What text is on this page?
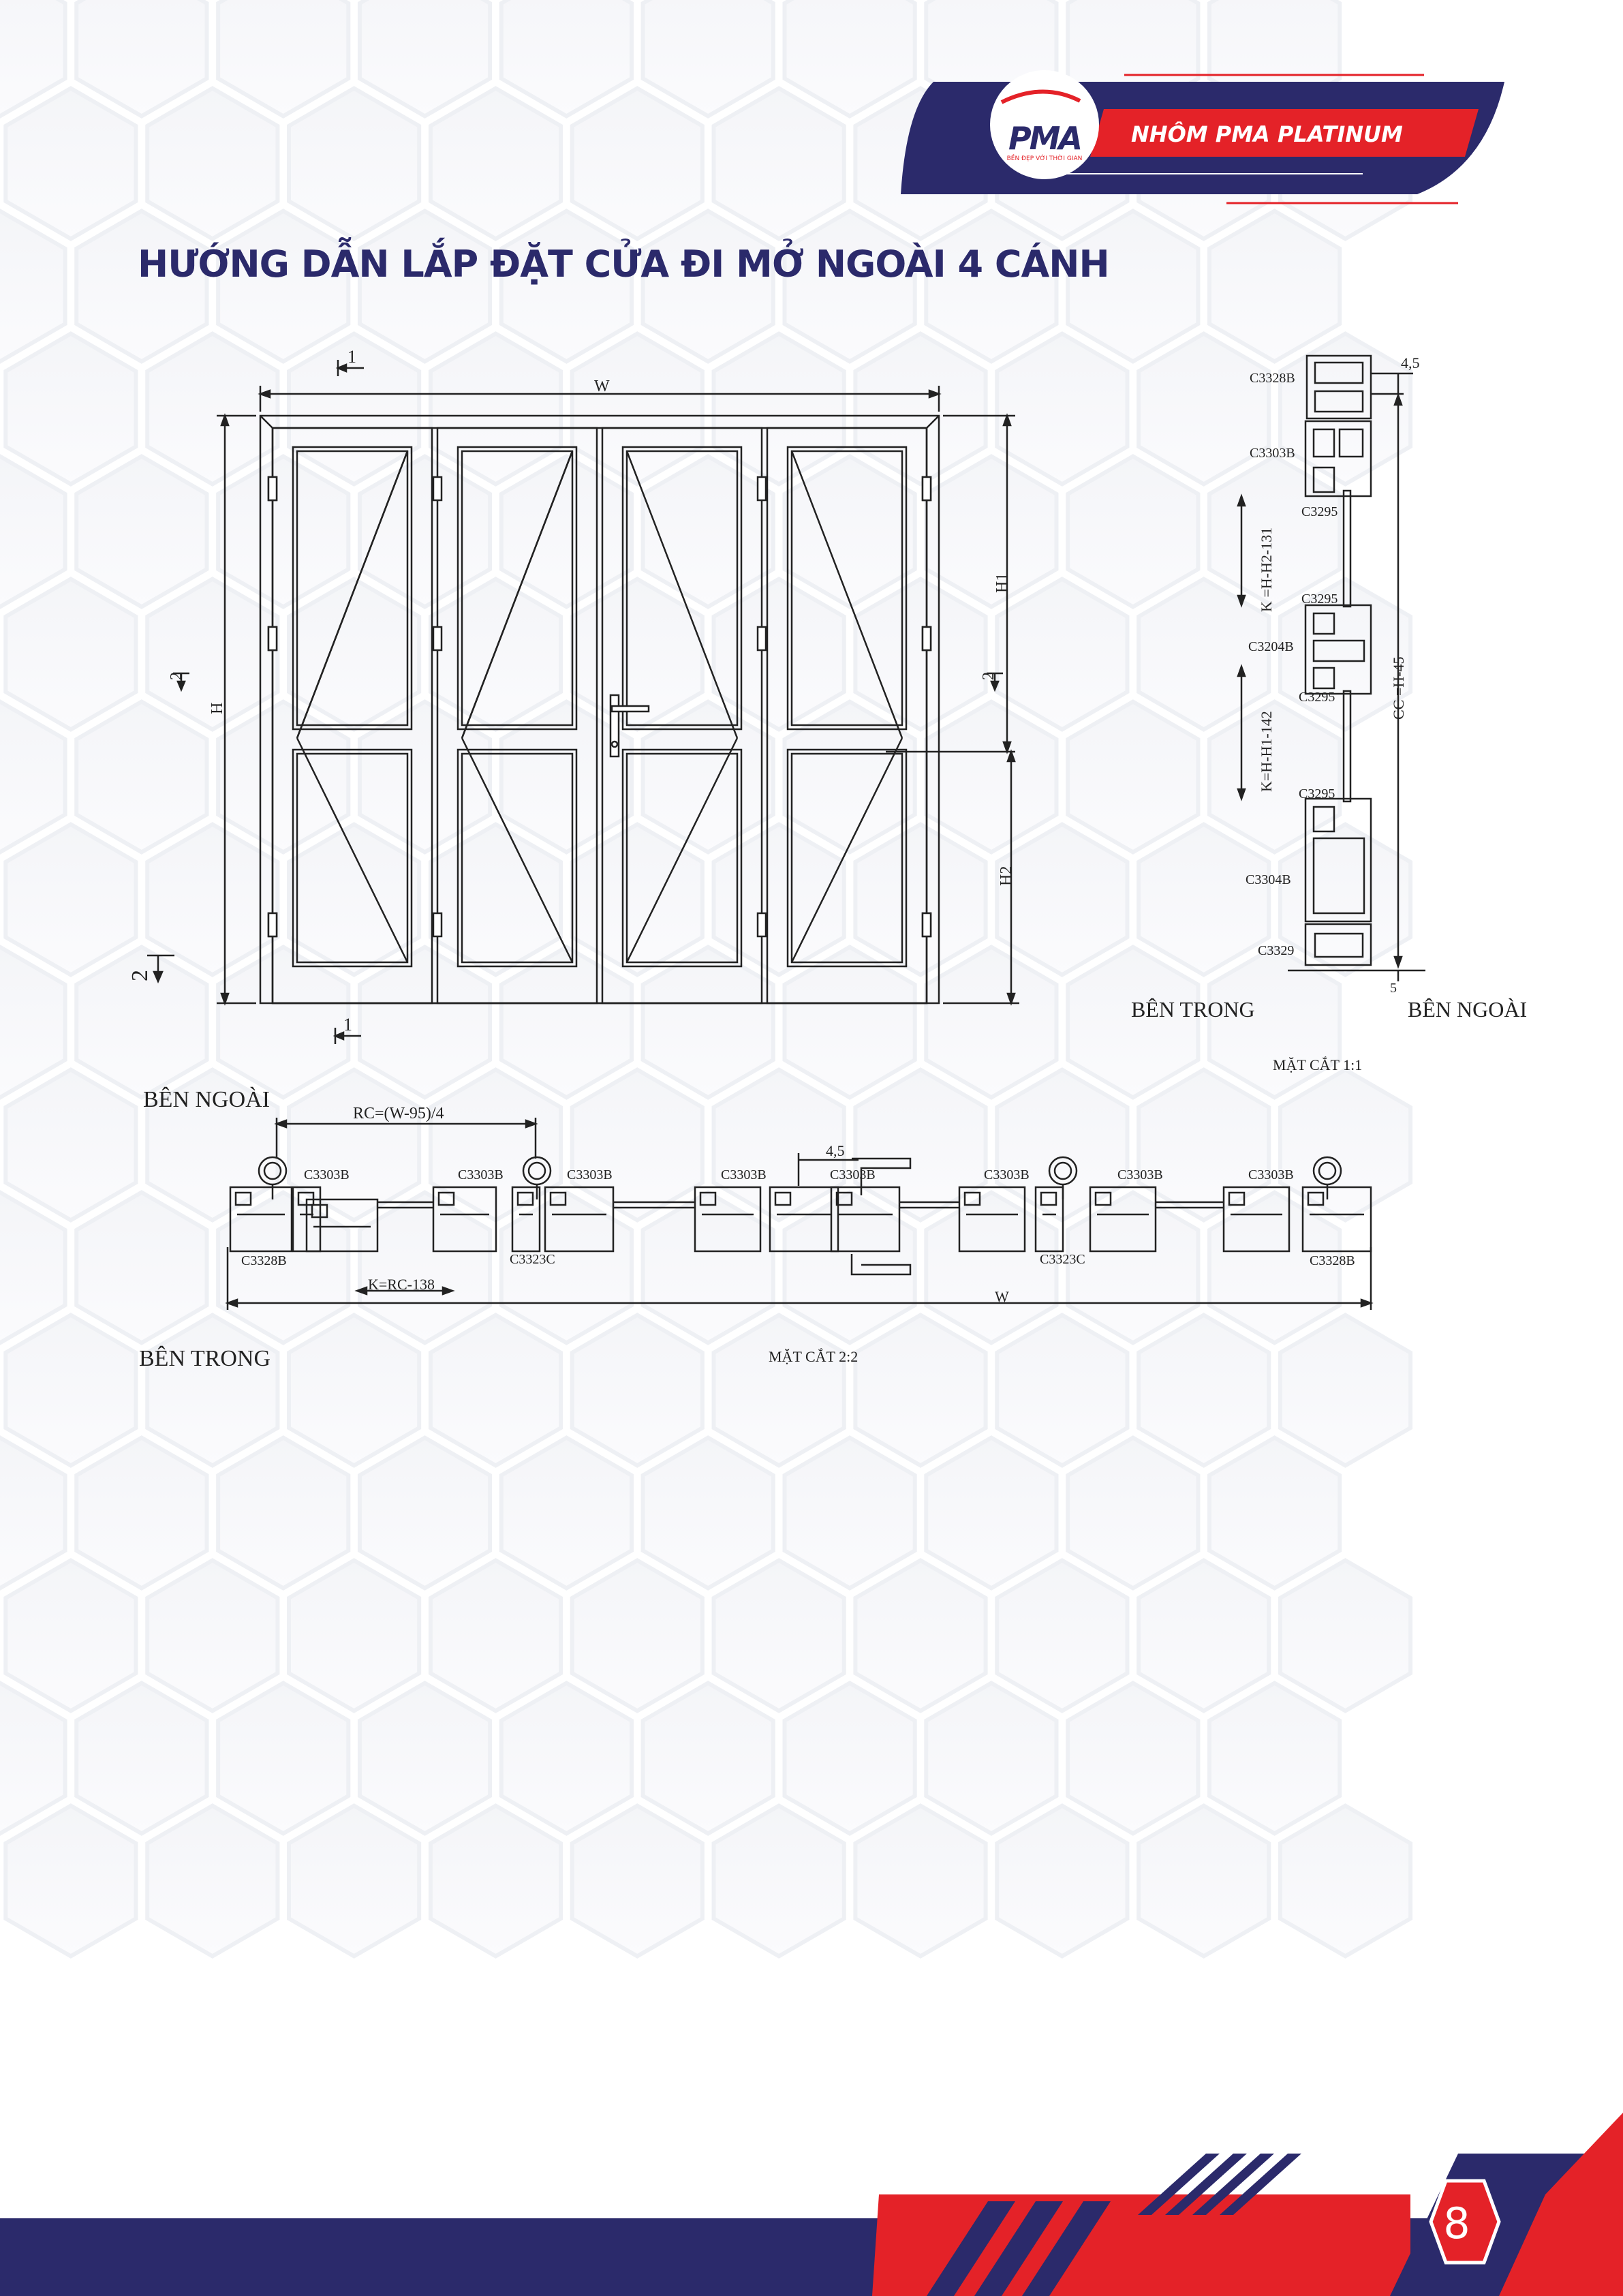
W
1
1
H
H1
H2
2	2
2
C3328B
C3303B
C3295
C3295
C3204B
C3295
C3295
C3304B
C3329
4,5
5
K =H-H2-131
K=H-H1-142
CC =H-45
BÊN TRONG	BÊN NGOÀI
MẶT CẮT 1:1
BÊN NGOÀI
BÊN TRONG
RC=(W-95)/4
K=RC-138
4,5
W
MẶT CẮT 2:2
C3303B	C3303B	C3303B	C3303B	C3303B	C3303B	C3303B	C3303B
C3328B	C3323C	C3323C	C3328B
PMA
BỀN ĐẸP VỚI THỜI GIAN
NHÔM PMA PLATINUM
HƯỚNG DẪN LẮP ĐẶT CỬA ĐI MỞ NGOÀI 4 CÁNH
8
